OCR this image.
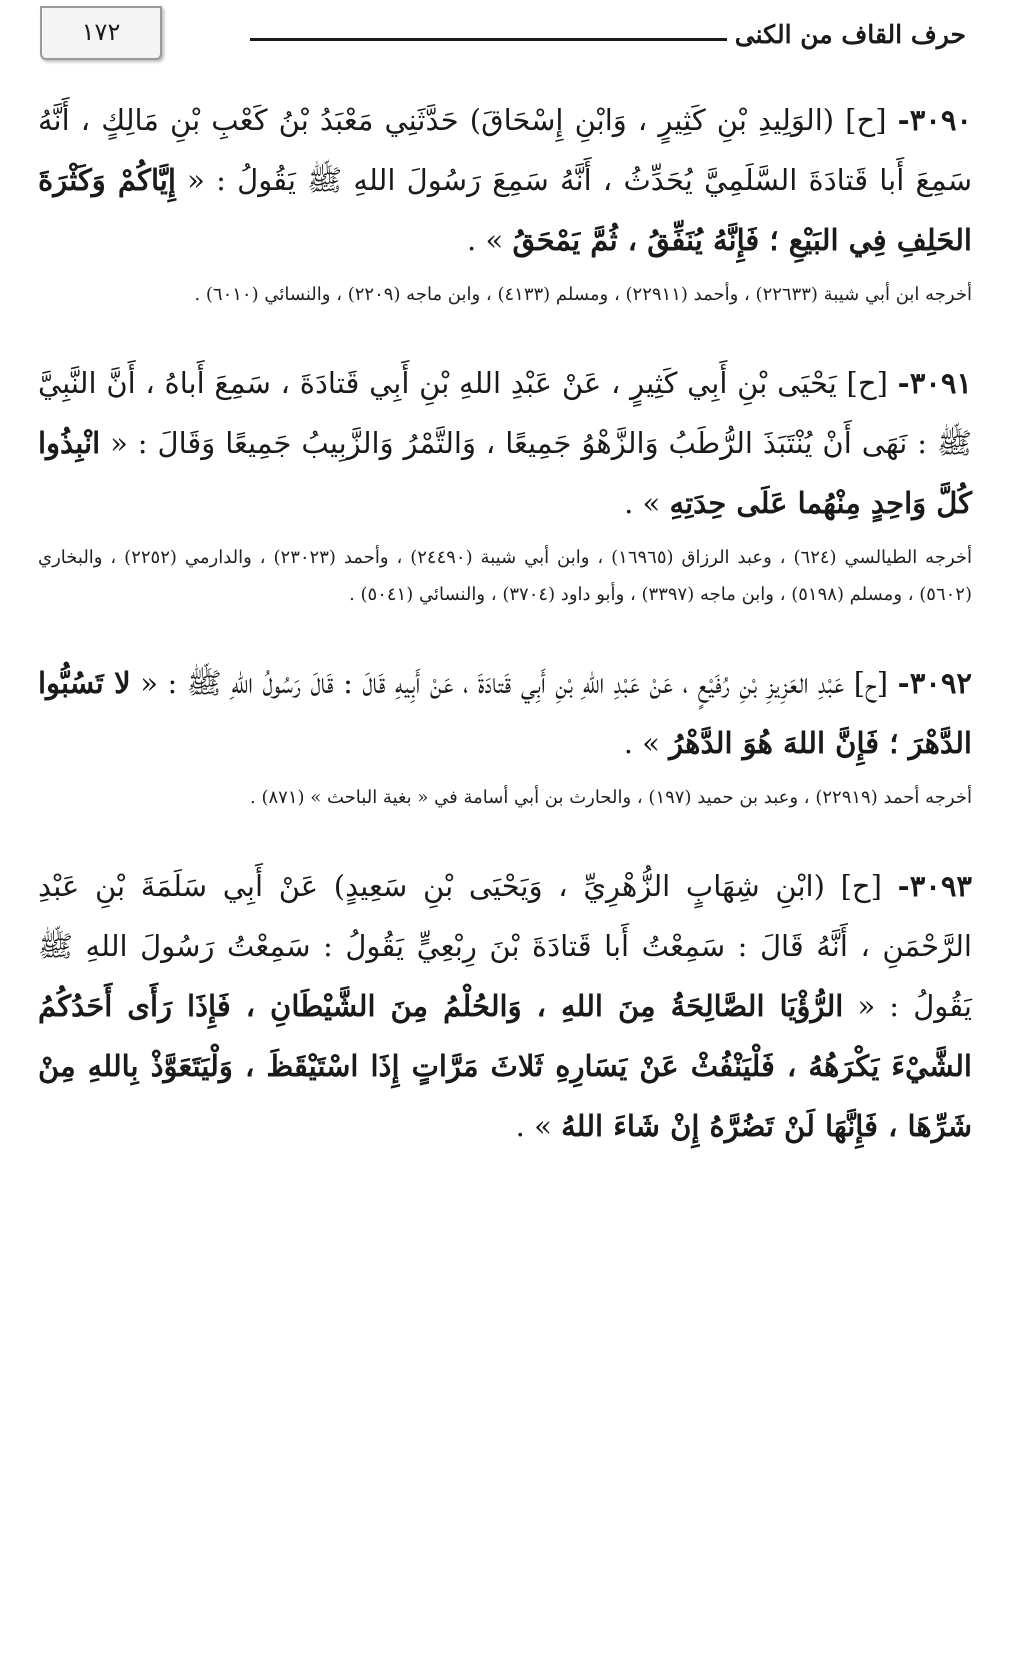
حرف القاف من الكنى
١٧٢

٣٠٩٠- [ح] (الوَلِيدِ بْنِ كَثِيرٍ ، وَابْنِ إِسْحَاقَ) حَدَّثَنِي مَعْبَدُ بْنُ كَعْبِ بْنِ مَالِكٍ ، أَنَّهُ سَمِعَ أَبا قَتادَةَ السَّلَمِيَّ يُحَدِّثُ ، أَنَّهُ سَمِعَ رَسُولَ اللهِ ﷺ يَقُولُ : « إِيَّاكُمْ وَكَثْرَةَ الحَلِفِ فِي البَيْعِ ؛ فَإِنَّهُ يُنَفِّقُ ، ثُمَّ يَمْحَقُ » .

أخرجه ابن أبي شيبة (٢٢٦٣٣) ، وأحمد (٢٢٩١١) ، ومسلم (٤١٣٣) ، وابن ماجه (٢٢٠٩) ، والنسائي (٦٠١٠) .

٣٠٩١- [ح] يَحْيَى بْنِ أَبِي كَثِيرٍ ، عَنْ عَبْدِ اللهِ بْنِ أَبِي قَتادَةَ ، سَمِعَ أَباهُ ، أَنَّ النَّبِيَّ ﷺ : نَهَى أَنْ يُنْتَبَذَ الرُّطَبُ وَالزَّهْوُ جَمِيعًا ، وَالتَّمْرُ وَالزَّبِيبُ جَمِيعًا وَقَالَ : « انْبِذُوا كُلَّ وَاحِدٍ مِنْهُما عَلَى حِدَتِهِ » .

أخرجه الطيالسي (٦٢٤) ، وعبد الرزاق (١٦٩٦٥) ، وابن أبي شيبة (٢٤٤٩٠) ، وأحمد (٢٣٠٢٣) ، والدارمي (٢٢٥٢) ، والبخاري (٥٦٠٢) ، ومسلم (٥١٩٨) ، وابن ماجه (٣٣٩٧) ، وأبو داود (٣٧٠٤) ، والنسائي (٥٠٤١) .

٣٠٩٢- [ح] عَبْدِ العَزِيزِ بْنِ رُفَيْعٍ ، عَنْ عَبْدِ اللهِ بْنِ أَبِي قَتادَةَ ، عَنْ أَبِيهِ قَالَ : قَالَ رَسُولُ اللهِ ﷺ : « لا تَسُبُّوا الدَّهْرَ ؛ فَإِنَّ اللهَ هُوَ الدَّهْرُ » .

أخرجه أحمد (٢٢٩١٩) ، وعبد بن حميد (١٩٧) ، والحارث بن أبي أسامة في « بغية الباحث » (٨٧١) .

٣٠٩٣- [ح] (ابْنِ شِهَابٍ الزُّهْرِيِّ ، وَيَحْيَى بْنِ سَعِيدٍ) عَنْ أَبِي سَلَمَةَ بْنِ عَبْدِ الرَّحْمَنِ ، أَنَّهُ قَالَ : سَمِعْتُ أَبا قَتادَةَ بْنَ رِبْعِيٍّ يَقُولُ : سَمِعْتُ رَسُولَ اللهِ ﷺ يَقُولُ : « الرُّؤْيَا الصَّالِحَةُ مِنَ اللهِ ، وَالحُلْمُ مِنَ الشَّيْطَانِ ، فَإِذَا رَأَى أَحَدُكُمُ الشَّيْءَ يَكْرَهُهُ ، فَلْيَنْفُثْ عَنْ يَسَارِهِ ثَلاثَ مَرَّاتٍ إِذَا اسْتَيْقَظَ ، وَلْيَتَعَوَّذْ بِاللهِ مِنْ شَرِّهَا ، فَإِنَّهَا لَنْ تَضُرَّهُ إِنْ شَاءَ اللهُ » .
